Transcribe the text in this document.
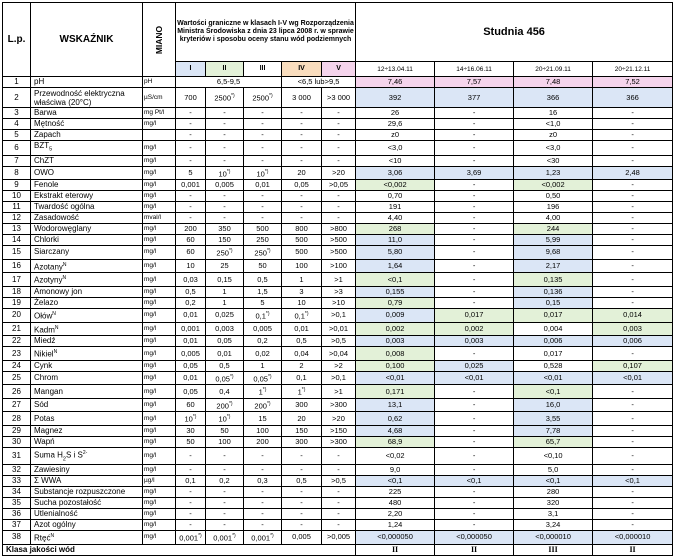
L.p.	WSKAŹNIK	MIANO	Wartości graniczne w klasach I-V wg Rozporządzenia Ministra Środowiska z dnia 23 lipca 2008 r. w sprawie kryteriów i sposobu oceny stanu wód podziemnych					Studnia 456			
			I	II	III	IV	V				
								12÷13.04.11	14÷16.06.11	20÷21.09.11	20÷21.12.11
1	pH	pH	6,5-9,5			<6,5 lub>9,5		7,46	7,57	7,48	7,52
2	Przewodność elektryczna właściwa (20°C)	µS/cm	700	2500*)	2500*)	3 000	>3 000	392	377	366	366
3	Barwa	mg Pt/l	-	-	-	-	-	26	-	16	-
4	Mętność	mg/l	-	-	-	-	-	29,6	-	<1,0	-
5	Zapach		-	-	-	-	-	z0	-	z0	-
6	$BZT_5$	mg/l	-	-	-	-	-	<3,0	-	<3,0	-
7	ChZT	mg/l	-	-	-	-	-	<10	-	<30	-
8	OWO	mg/l	5	10*)	10*)	20	>20	3,06	3,69	1,23	2,48
9	Fenole	mg/l	0,001	0,005	0,01	0,05	>0,05	<0,002	-	<0,002	-
10	Ekstrakt eterowy	mg/l	-	-	-	-	-	0,70	-	0,50	-
11	Twardość ogólna	mg/l	-	-	-	-	-	191	-	196	-
12	Zasadowość	mval/l	-	-	-	-	-	4,40	-	4,00	-
13	Wodorowęglany	mg/l	200	350	500	800	>800	268	-	244	-
14	Chlorki	mg/l	60	150	250	500	>500	11,0	-	5,99	-
15	Siarczany	mg/l	60	250*)	250*)	500	>500	5,80	-	9,68	-
16	Azotany$^N$	mg/l	10	25	50	100	>100	1,64	-	2,17	-
17	Azotyny$^N$	mg/l	0,03	0,15	0,5	1	>1	<0,1	-	0,135	-
18	Amonowy jon	mg/l	0,5	1	1,5	3	>3	0,155	-	0,136	-
19	Żelazo	mg/l	0,2	1	5	10	>10	0,79	-	0,15	-
20	Ołów$^N$	mg/l	0,01	0,025	0,1*)	0,1*)	>0,1	0,009	0,017	0,017	0,014
21	Kadm$^N$	mg/l	0,001	0,003	0,005	0,01	>0,01	0,002	0,002	0,004	0,003
22	Miedź	mg/l	0,01	0,05	0,2	0,5	>0,5	0,003	0,003	0,006	0,006
23	Nikiel$^N$	mg/l	0,005	0,01	0,02	0,04	>0,04	0,008	-	0,017	-
24	Cynk	mg/l	0,05	0,5	1	2	>2	0,100	0,025	0,528	0,107
25	Chrom	mg/l	0,01	0,05*)	0,05*)	0,1	>0,1	<0,01	<0,01	<0,01	<0,01
26	Mangan	mg/l	0,05	0,4	1*)	1*)	>1	0,171	-	<0,1	-
27	Sód	mg/l	60	200*)	200*)	300	>300	13,1	-	16,0	-
28	Potas	mg/l	10*)	10*)	15	20	>20	0,62	-	3,55	-
29	Magnez	mg/l	30	50	100	150	>150	4,68	-	7,78	-
30	Wapń	mg/l	50	100	200	300	>300	68,9	-	65,7	-
31	Suma $H_2S$ i $S^{2-}$	mg/l	-	-	-	-	-	<0,02	-	<0,10	-
32	Zawiesiny	mg/l	-	-	-	-	-	9,0	-	5,0	-
33	Σ WWA	µg/l	0,1	0,2	0,3	0,5	>0,5	<0,1	<0,1	<0,1	<0,1
34	Substancje rozpuszczone	mg/l	-	-	-	-	-	225	-	280	-
35	Sucha pozostałość	mg/l	-	-	-	-	-	480	-	320	-
36	Utlenialność	mg/l	-	-	-	-	-	2,20	-	3,1	-
37	Azot ogólny	mg/l	-	-	-	-	-	1,24	-	3,24	-
38	Rtęć$^N$	mg/l	0,001*)	0,001*)	0,001*)	0,005	>0,005	<0,000050	<0,000050	<0,000010	<0,000010
Klasa jakości wód								II	II	III	II
